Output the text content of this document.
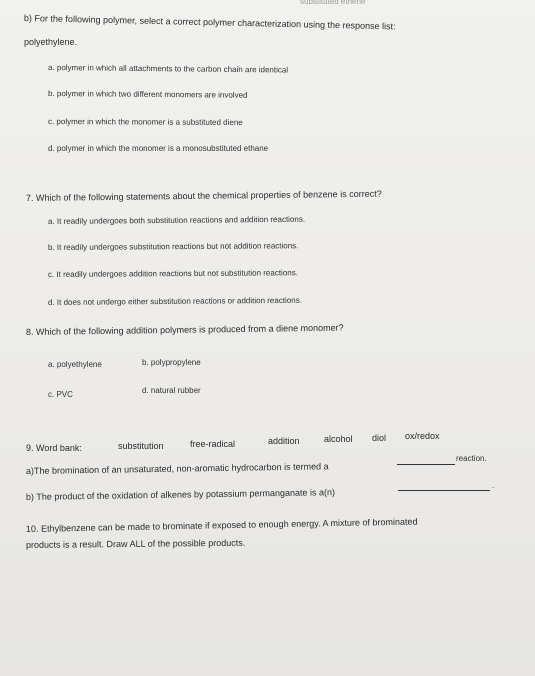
substituted ethene
b) For the following polymer, select a correct polymer characterization using the response list:
polyethylene.
a. polymer in which all attachments to the carbon chain are identical
b. polymer in which two different monomers are involved
c. polymer in which the monomer is a substituted diene
d. polymer in which the monomer is a monosubstituted ethane
7. Which of the following statements about the chemical properties of benzene is correct?
a. It readily undergoes both substitution reactions and addition reactions.
b. It readily undergoes substitution reactions but not addition reactions.
c. It readily undergoes addition reactions but not substitution reactions.
d. It does not undergo either substitution reactions or addition reactions.
8. Which of the following addition polymers is produced from a diene monomer?
a. polyethylene	b. polypropylene
c. PVC	d. natural rubber
9. Word bank:	substitution	free-radical	addition	alcohol diol ox/redox
a)The bromination of an unsaturated, non-aromatic hydrocarbon is termed a
reaction.
b) The product of the oxidation of alkenes by potassium permanganate is a(n)
.
10. Ethylbenzene can be made to brominate if exposed to enough energy. A mixture of brominated
products is a result. Draw ALL of the possible products.
